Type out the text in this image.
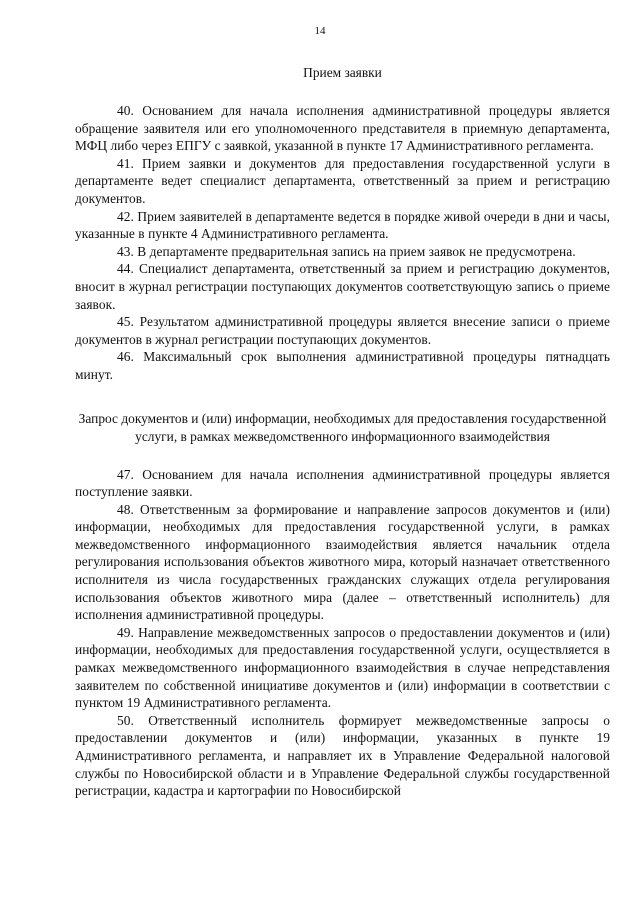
14

Прием заявки

40. Основанием для начала исполнения административной процедуры является обращение заявителя или его уполномоченного представителя в приемную департамента, МФЦ либо через ЕПГУ с заявкой, указанной в пункте 17 Административного регламента.

41. Прием заявки и документов для предоставления государственной услуги в департаменте ведет специалист департамента, ответственный за прием и регистрацию документов.

42. Прием заявителей в департаменте ведется в порядке живой очереди в дни и часы, указанные в пункте 4 Административного регламента.

43. В департаменте предварительная запись на прием заявок не предусмотрена.

44. Специалист департамента, ответственный за прием и регистрацию документов, вносит в журнал регистрации поступающих документов соответствующую запись о приеме заявок.

45. Результатом административной процедуры является внесение записи о приеме документов в журнал регистрации поступающих документов.

46. Максимальный срок выполнения административной процедуры пятнадцать минут.

Запрос документов и (или) информации, необходимых для предоставления государственной услуги, в рамках межведомственного информационного взаимодействия

47. Основанием для начала исполнения административной процедуры является поступление заявки.

48. Ответственным за формирование и направление запросов документов и (или) информации, необходимых для предоставления государственной услуги, в рамках межведомственного информационного взаимодействия является начальник отдела регулирования использования объектов животного мира, который назначает ответственного исполнителя из числа государственных гражданских служащих отдела регулирования использования объектов животного мира (далее – ответственный исполнитель) для исполнения административной процедуры.

49. Направление межведомственных запросов о предоставлении документов и (или) информации, необходимых для предоставления государственной услуги, осуществляется в рамках межведомственного информационного взаимодействия в случае непредставления заявителем по собственной инициативе документов и (или) информации в соответствии с пунктом 19 Административного регламента.

50. Ответственный исполнитель формирует межведомственные запросы о предоставлении документов и (или) информации, указанных в пункте 19 Административного регламента, и направляет их в Управление Федеральной налоговой службы по Новосибирской области и в Управление Федеральной службы государственной регистрации, кадастра и картографии по Новосибирской
